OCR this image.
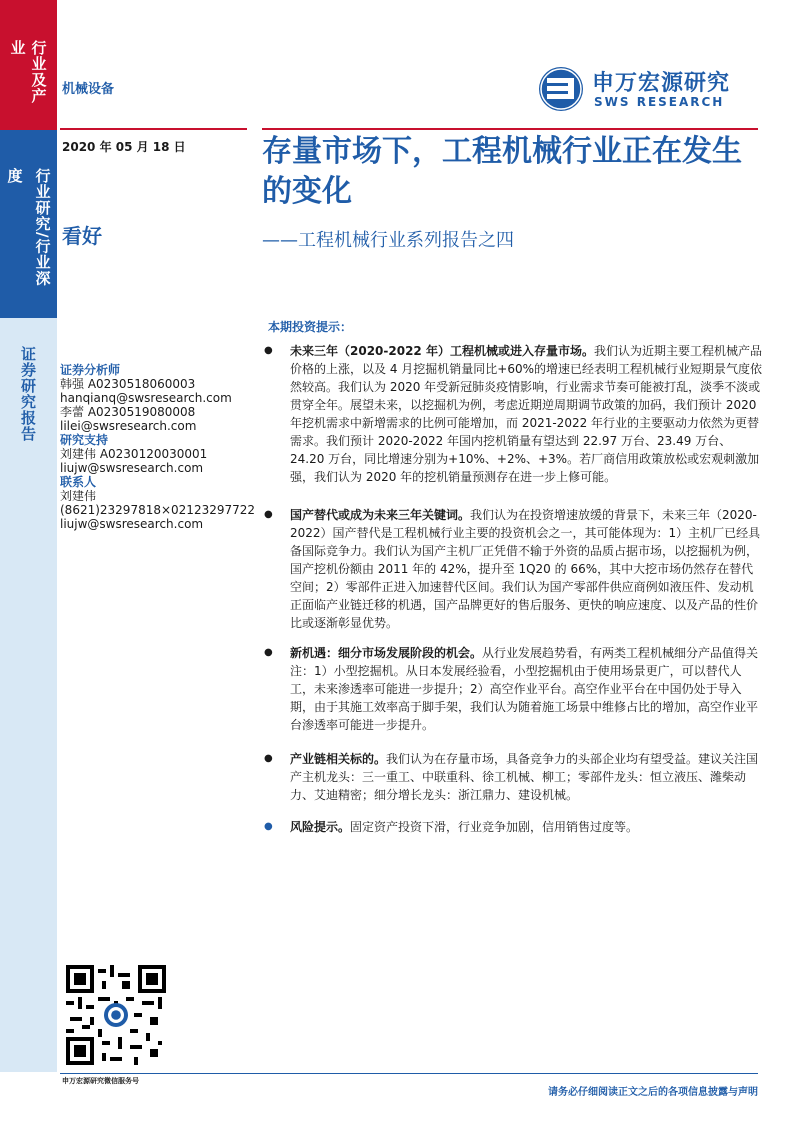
行业及产业
行业研究/行业深度
证券研究报告
机械设备	申万宏源研究
SWS RESEARCH
2020 年 05 月 18 日
看好
存量市场下，工程机械行业正在发生的变化
——工程机械行业系列报告之四
证券分析师
韩强 A0230518060003
hanqianq@swsresearch.com
李蕾 A0230519080008
lilei@swsresearch.com
研究支持
刘建伟 A0230120030001
liujw@swsresearch.com
联系人
刘建伟
(8621)23297818×02123297722
liujw@swsresearch.com
本期投资提示：
● 未来三年（2020-2022 年）工程机械或进入存量市场。我们认为近期主要工程机械产品价格的上涨，以及 4 月挖掘机销量同比+60%的增速已经表明工程机械行业短期景气度依然较高。我们认为 2020 年受新冠肺炎疫情影响，行业需求节奏可能被打乱，淡季不淡或贯穿全年。展望未来，以挖掘机为例，考虑近期逆周期调节政策的加码，我们预计 2020 年挖机需求中新增需求的比例可能增加，而 2021-2022 年行业的主要驱动力依然为更替需求。我们预计 2020-2022 年国内挖机销量有望达到 22.97 万台、23.49 万台、24.20 万台，同比增速分别为+10%、+2%、+3%。若厂商信用政策放松或宏观刺激加强，我们认为 2020 年的挖机销量预测存在进一步上修可能。
● 国产替代或成为未来三年关键词。我们认为在投资增速放缓的背景下，未来三年（2020-2022）国产替代是工程机械行业主要的投资机会之一，其可能体现为：1）主机厂已经具备国际竞争力。我们认为国产主机厂正凭借不输于外资的品质占据市场，以挖掘机为例，国产挖机份额由 2011 年的 42%，提升至 1Q20 的 66%，其中大挖市场仍然存在替代空间；2）零部件正进入加速替代区间。我们认为国产零部件供应商例如液压件、发动机正面临产业链迁移的机遇，国产品牌更好的售后服务、更快的响应速度、以及产品的性价比或逐渐彰显优势。
● 新机遇：细分市场发展阶段的机会。从行业发展趋势看，有两类工程机械细分产品值得关注：1）小型挖掘机。从日本发展经验看，小型挖掘机由于使用场景更广，可以替代人工，未来渗透率可能进一步提升；2）高空作业平台。高空作业平台在中国仍处于导入期，由于其施工效率高于脚手架，我们认为随着施工场景中维修占比的增加，高空作业平台渗透率可能进一步提升。
● 产业链相关标的。我们认为在存量市场，具备竞争力的头部企业均有望受益。建议关注国产主机龙头：三一重工、中联重科、徐工机械、柳工；零部件龙头：恒立液压、潍柴动力、艾迪精密；细分增长龙头：浙江鼎力、建设机械。
● 风险提示。固定资产投资下滑，行业竞争加剧，信用销售过度等。
申万宏源研究微信服务号
请务必仔细阅读正文之后的各项信息披露与声明
